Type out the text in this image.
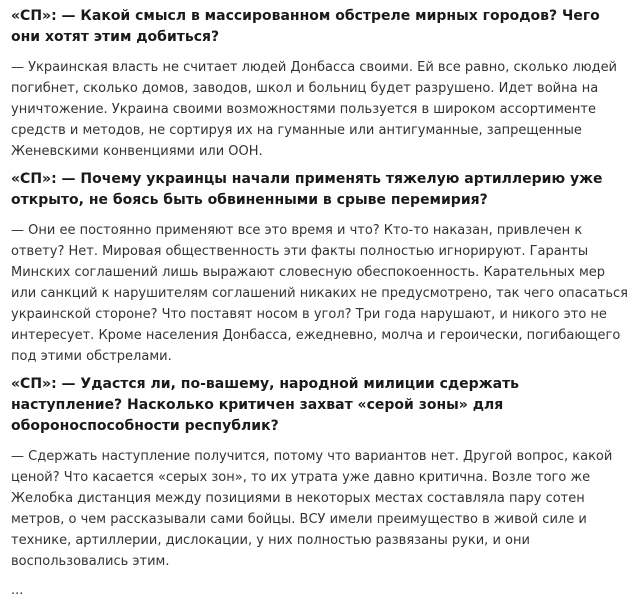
«СП»: — Какой смысл в массированном обстреле мирных городов? Чего они хотят этим добиться?

— Украинская власть не считает людей Донбасса своими. Ей все равно, сколько людей погибнет, сколько домов, заводов, школ и больниц будет разрушено. Идет война на уничтожение. Украина своими возможностями пользуется в широком ассортименте средств и методов, не сортируя их на гуманные или антигуманные, запрещенные Женевскими конвенциями или ООН.

«СП»: — Почему украинцы начали применять тяжелую артиллерию уже открыто, не боясь быть обвиненными в срыве перемирия?

— Они ее постоянно применяют все это время и что? Кто-то наказан, привлечен к ответу? Нет. Мировая общественность эти факты полностью игнорируют. Гаранты Минских соглашений лишь выражают словесную обеспокоенность. Карательных мер или санкций к нарушителям соглашений никаких не предусмотрено, так чего опасаться украинской стороне? Что поставят носом в угол? Три года нарушают, и никого это не интересует. Кроме населения Донбасса, ежедневно, молча и героически, погибающего под этими обстрелами.

«СП»: — Удастся ли, по-вашему, народной милиции сдержать наступление? Насколько критичен захват «серой зоны» для обороноспособности республик?

— Сдержать наступление получится, потому что вариантов нет. Другой вопрос, какой ценой? Что касается «серых зон», то их утрата уже давно критична. Возле того же Желобка дистанция между позициями в некоторых местах составляла пару сотен метров, о чем рассказывали сами бойцы. ВСУ имели преимущество в живой силе и технике, артиллерии, дислокации, у них полностью развязаны руки, и они воспользовались этим.

...
